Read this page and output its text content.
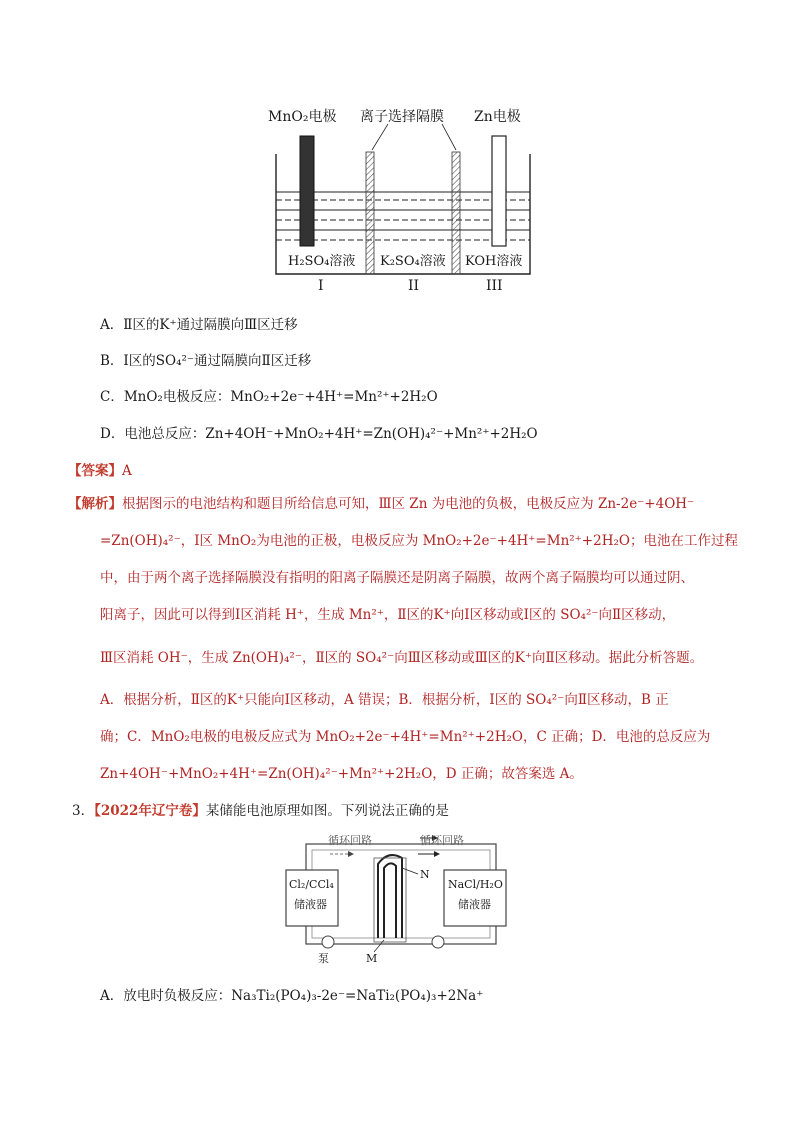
MnO₂电极 离子选择隔膜 Zn电极
H₂SO₄溶液 K₂SO₄溶液 KOH溶液
I	II	III
A．Ⅱ区的K⁺通过隔膜向Ⅲ区迁移
B．Ⅰ区的SO₄²⁻通过隔膜向Ⅱ区迁移
C．MnO₂电极反应：MnO₂+2e⁻+4H⁺=Mn²⁺+2H₂O
D．电池总反应：Zn+4OH⁻+MnO₂+4H⁺=Zn(OH)₄²⁻+Mn²⁺+2H₂O
【答案】A
【解析】根据图示的电池结构和题目所给信息可知，Ⅲ区 Zn 为电池的负极，电极反应为 Zn-2e⁻+4OH⁻
=Zn(OH)₄²⁻，Ⅰ区 MnO₂为电池的正极，电极反应为 MnO₂+2e⁻+4H⁺=Mn²⁺+2H₂O；电池在工作过程
中，由于两个离子选择隔膜没有指明的阳离子隔膜还是阴离子隔膜，故两个离子隔膜均可以通过阴、
阳离子，因此可以得到Ⅰ区消耗 H⁺，生成 Mn²⁺，Ⅱ区的K⁺向Ⅰ区移动或Ⅰ区的 SO₄²⁻向Ⅱ区移动，
Ⅲ区消耗 OH⁻，生成 Zn(OH)₄²⁻，Ⅱ区的 SO₄²⁻向Ⅲ区移动或Ⅲ区的K⁺向Ⅱ区移动。据此分析答题。
A．根据分析，Ⅱ区的K⁺只能向Ⅰ区移动，A 错误；B．根据分析，Ⅰ区的 SO₄²⁻向Ⅱ区移动，B 正
确；C．MnO₂电极的电极反应式为 MnO₂+2e⁻+4H⁺=Mn²⁺+2H₂O，C 正确；D．电池的总反应为
Zn+4OH⁻+MnO₂+4H⁺=Zn(OH)₄²⁻+Mn²⁺+2H₂O，D 正确；故答案选 A。
3．【2022年辽宁卷】某储能电池原理如图。下列说法正确的是
循环回路	循环回路
N
M
Cl₂/CCl₄
储液器
NaCl/H₂O
储液器
泵
A．放电时负极反应：Na₃Ti₂(PO₄)₃-2e⁻=NaTi₂(PO₄)₃+2Na⁺
